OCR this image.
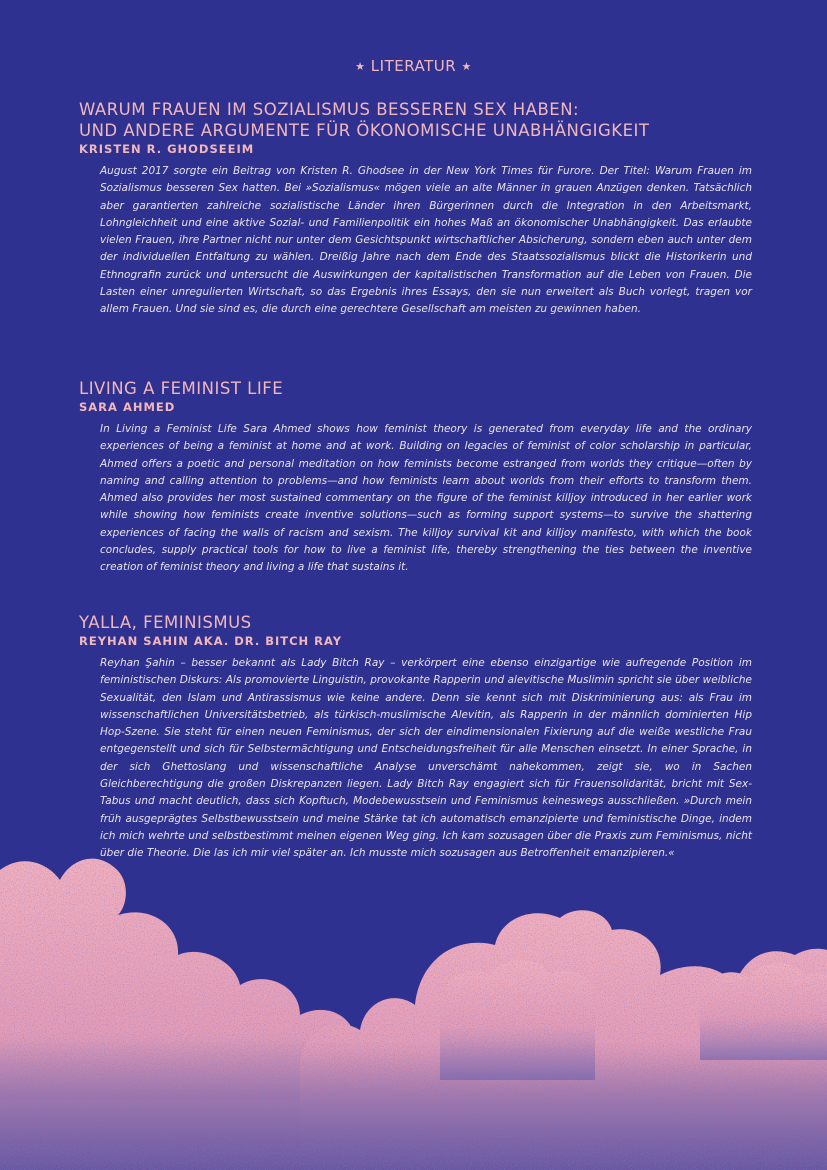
★ LITERATUR ★
WARUM FRAUEN IM SOZIALISMUS BESSEREN SEX HABEN:
UND ANDERE ARGUMENTE FÜR ÖKONOMISCHE UNABHÄNGIGKEIT
KRISTEN R. GHODSEEIM

August 2017 sorgte ein Beitrag von Kristen R. Ghodsee in der New York Times für Furore. Der Titel: Warum Frauen im Sozialismus besseren Sex hatten. Bei »Sozialismus« mögen viele an alte Männer in grauen Anzügen denken. Tatsächlich aber garantierten zahlreiche sozialistische Länder ihren Bürgerinnen durch die Integration in den Arbeitsmarkt, Lohngleichheit und eine aktive Sozial- und Familienpolitik ein hohes Maß an ökonomischer Unabhängigkeit. Das erlaubte vielen Frauen, ihre Partner nicht nur unter dem Gesichtspunkt wirtschaftlicher Absicherung, sondern eben auch unter dem der individuellen Entfaltung zu wählen. Dreißig Jahre nach dem Ende des Staatssozialismus blickt die Historikerin und Ethnografin zurück und untersucht die Auswirkungen der kapitalistischen Transformation auf die Leben von Frauen. Die Lasten einer unregulierten Wirtschaft, so das Ergebnis ihres Essays, den sie nun erweitert als Buch vorlegt, tragen vor allem Frauen. Und sie sind es, die durch eine gerechtere Gesellschaft am meisten zu gewinnen haben.

LIVING A FEMINIST LIFE
SARA AHMED

In Living a Feminist Life Sara Ahmed shows how feminist theory is generated from everyday life and the ordinary experiences of being a feminist at home and at work. Building on legacies of feminist of color scholarship in particular, Ahmed offers a poetic and personal meditation on how feminists become estranged from worlds they critique—often by naming and calling attention to problems—and how feminists learn about worlds from their efforts to transform them. Ahmed also provides her most sustained commentary on the figure of the feminist killjoy introduced in her earlier work while showing how feminists create inventive solutions—such as forming support systems—to survive the shattering experiences of facing the walls of racism and sexism. The killjoy survival kit and killjoy manifesto, with which the book concludes, supply practical tools for how to live a feminist life, thereby strengthening the ties between the inventive creation of feminist theory and living a life that sustains it.

YALLA, FEMINISMUS
REYHAN SAHIN AKA. DR. BITCH RAY

Reyhan Şahin – besser bekannt als Lady Bitch Ray – verkörpert eine ebenso einzigartige wie aufregende Position im feministischen Diskurs: Als promovierte Linguistin, provokante Rapperin und alevitische Muslimin spricht sie über weibliche Sexualität, den Islam und Antirassismus wie keine andere. Denn sie kennt sich mit Diskriminierung aus: als Frau im wissenschaftlichen Universitätsbetrieb, als türkisch-muslimische Alevitin, als Rapperin in der männlich dominierten Hip Hop-Szene. Sie steht für einen neuen Feminismus, der sich der eindimensionalen Fixierung auf die weiße westliche Frau entgegenstellt und sich für Selbstermächtigung und Entscheidungsfreiheit für alle Menschen einsetzt. In einer Sprache, in der sich Ghettoslang und wissenschaftliche Analyse unverschämt nahekommen, zeigt sie, wo in Sachen Gleichberechtigung die großen Diskrepanzen liegen. Lady Bitch Ray engagiert sich für Frauensolidarität, bricht mit Sex-Tabus und macht deutlich, dass sich Kopftuch, Modebewusstsein und Feminismus keineswegs ausschließen. »Durch mein früh ausgeprägtes Selbstbewusstsein und meine Stärke tat ich automatisch emanzipierte und feministische Dinge, indem ich mich wehrte und selbstbestimmt meinen eigenen Weg ging. Ich kam sozusagen über die Praxis zum Feminismus, nicht über die Theorie. Die las ich mir viel später an. Ich musste mich sozusagen aus Betroffenheit emanzipieren.«
